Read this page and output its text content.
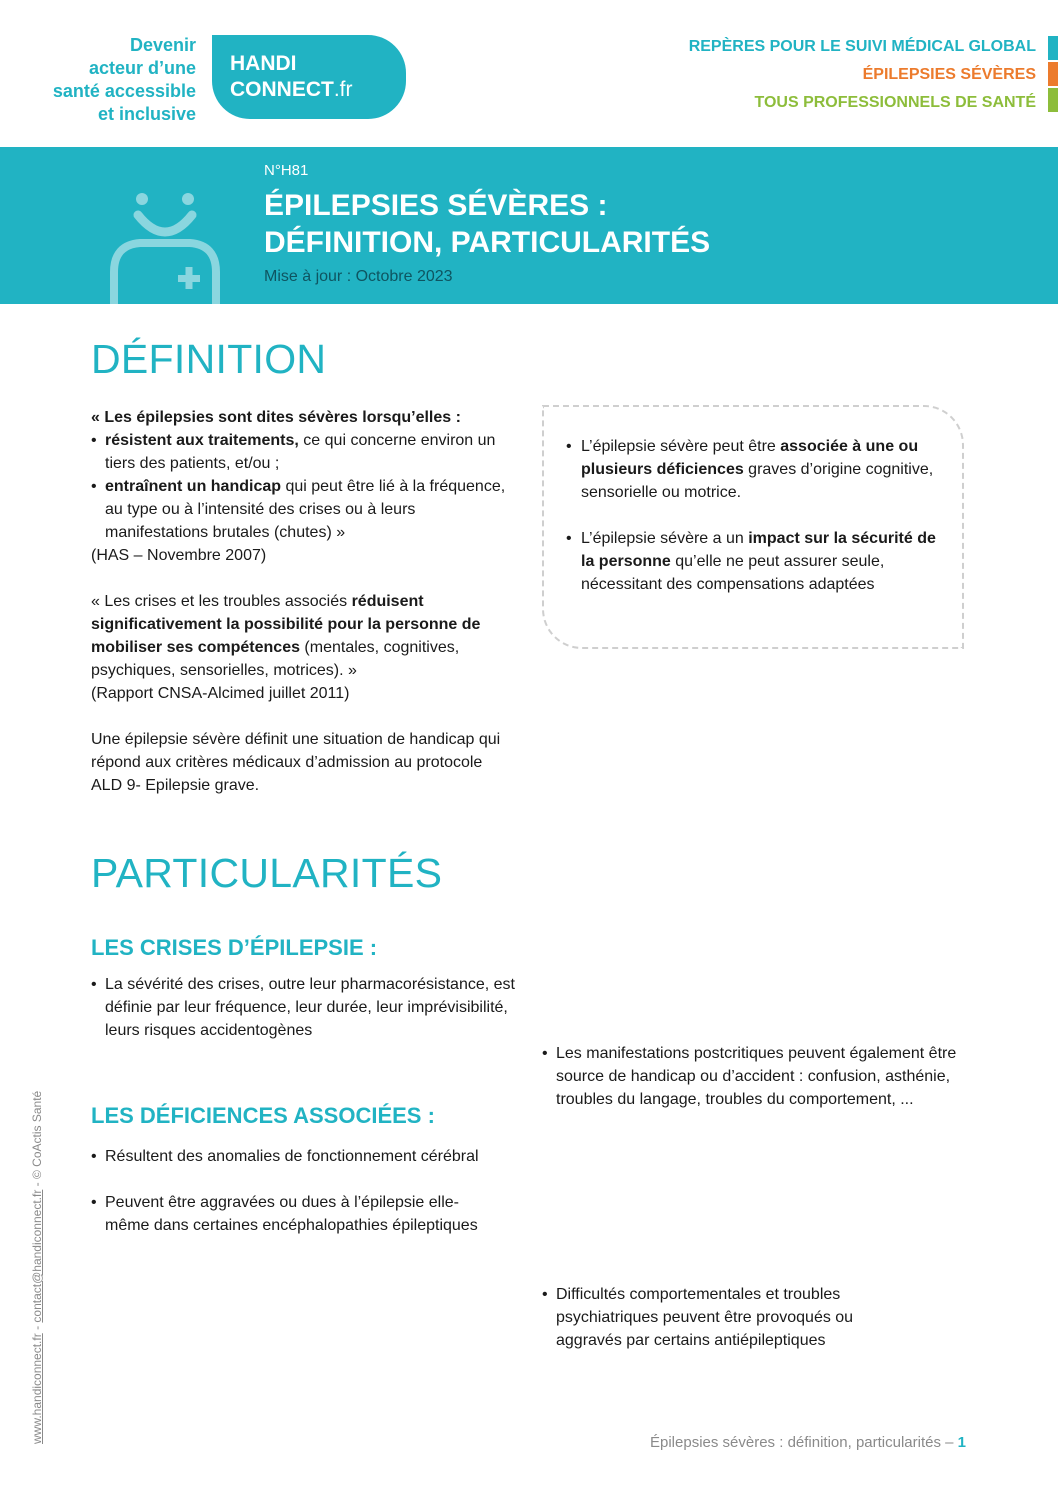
Devenir
acteur d’une
santé accessible
et inclusive
HANDI
CONNECT.fr
REPÈRES POUR LE SUIVI MÉDICAL GLOBAL
ÉPILEPSIES SÉVÈRES
TOUS PROFESSIONNELS DE SANTÉ
N°H81
ÉPILEPSIES SÉVÈRES :
DÉFINITION, PARTICULARITÉS
Mise à jour : Octobre 2023
DÉFINITION
« Les épilepsies sont dites sévères lorsqu’elles :
• résistent aux traitements, ce qui concerne environ un tiers des patients, et/ou ;
• entraînent un handicap qui peut être lié à la fréquence, au type ou à l’intensité des crises ou à leurs manifestations brutales (chutes) »
(HAS – Novembre 2007)
« Les crises et les troubles associés réduisent significativement la possibilité pour la personne de mobiliser ses compétences (mentales, cognitives, psychiques, sensorielles, motrices). »
(Rapport CNSA-Alcimed juillet 2011)
Une épilepsie sévère définit une situation de handicap qui répond aux critères médicaux d’admission au protocole ALD 9- Epilepsie grave.
• L’épilepsie sévère peut être associée à une ou plusieurs déficiences graves d’origine cognitive, sensorielle ou motrice.
• L’épilepsie sévère a un impact sur la sécurité de la personne qu’elle ne peut assurer seule, nécessitant des compensations adaptées
PARTICULARITÉS
LES CRISES D’ÉPILEPSIE :
• La sévérité des crises, outre leur pharmacorésistance, est définie par leur fréquence, leur durée, leur imprévisibilité, leurs risques accidentogènes
• Les manifestations postcritiques peuvent également être source de handicap ou d’accident : confusion, asthénie, troubles du langage, troubles du comportement, ...
LES DÉFICIENCES ASSOCIÉES :
• Résultent des anomalies de fonctionnement cérébral
• Peuvent être aggravées ou dues à l’épilepsie elle-même dans certaines encéphalopathies épileptiques
• Difficultés comportementales et troubles psychiatriques peuvent être provoqués ou aggravés par certains antiépileptiques
www.handiconnect.fr - contact@handiconnect.fr - © CoActis Santé
Épilepsies sévères : définition, particularités – 1
